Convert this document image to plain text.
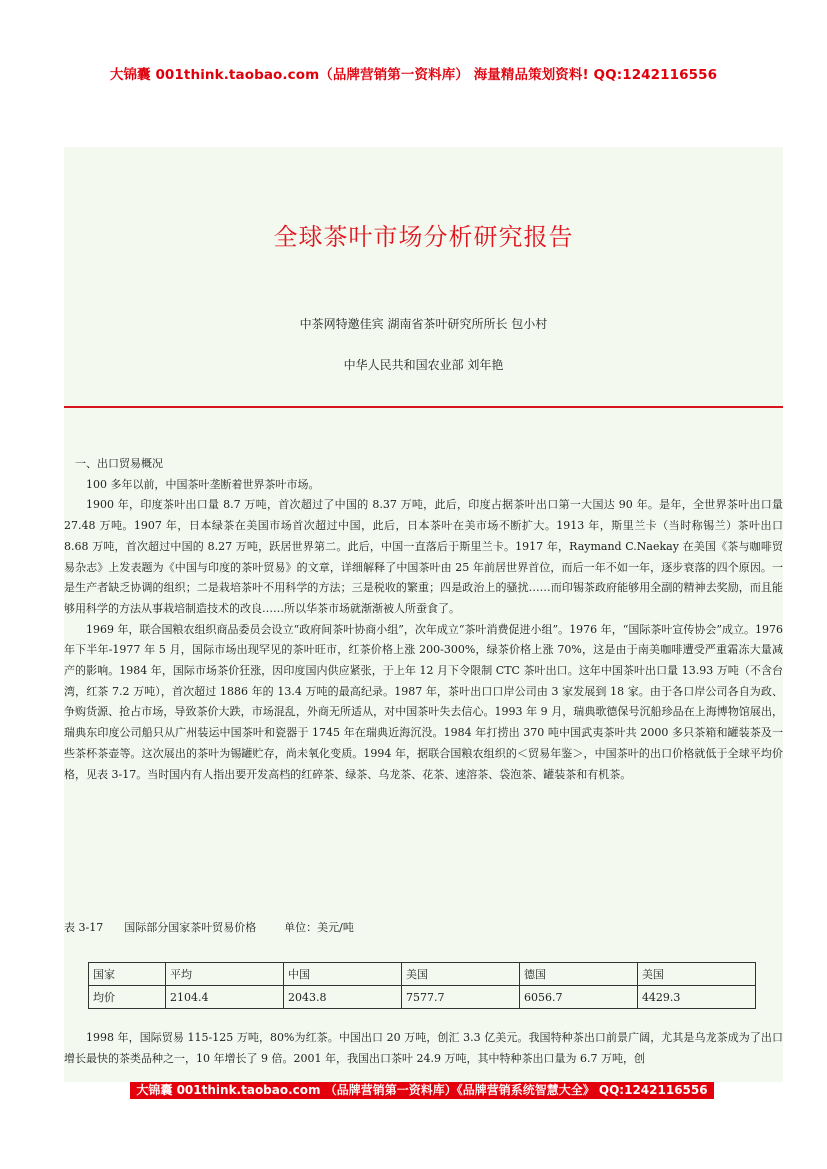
大锦囊 001think.taobao.com（品牌营销第一资料库） 海量精品策划资料! QQ:1242116556
全球茶叶市场分析研究报告
中茶网特邀佳宾 湖南省茶叶研究所所长 包小村
中华人民共和国农业部 刘年艳

一、出口贸易概况

100 多年以前，中国茶叶垄断着世界茶叶市场。

1900 年，印度茶叶出口量 8.7 万吨，首次超过了中国的 8.37 万吨，此后，印度占据茶叶出口第一大国达 90 年。是年，全世界茶叶出口量 27.48 万吨。1907 年，日本绿茶在美国市场首次超过中国，此后，日本茶叶在美市场不断扩大。1913 年，斯里兰卡（当时称锡兰）茶叶出口 8.68 万吨，首次超过中国的 8.27 万吨，跃居世界第二。此后，中国一直落后于斯里兰卡。1917 年，Raymand C.Naekay 在美国《茶与咖啡贸易杂志》上发表题为《中国与印度的茶叶贸易》的文章，详细解释了中国茶叶由 25 年前居世界首位，而后一年不如一年，逐步衰落的四个原因。一是生产者缺乏协调的组织；二是栽培茶叶不用科学的方法；三是税收的繁重；四是政治上的骚扰……而印锡茶政府能够用全副的精神去奖励，而且能够用科学的方法从事栽培制造技术的改良……所以华茶市场就渐渐被人所蚕食了。

1969 年，联合国粮农组织商品委员会设立“政府间茶叶协商小组”，次年成立“茶叶消费促进小组”。1976 年，“国际茶叶宣传协会”成立。1976 年下半年-1977 年 5 月，国际市场出现罕见的茶叶旺市，红茶价格上涨 200-300%，绿茶价格上涨 70%，这是由于南美咖啡遭受严重霜冻大量减产的影响。1984 年，国际市场茶价狂涨，因印度国内供应紧张，于上年 12 月下令限制 CTC 茶叶出口。这年中国茶叶出口量 13.93 万吨（不含台湾，红茶 7.2 万吨），首次超过 1886 年的 13.4 万吨的最高纪录。1987 年，茶叶出口口岸公司由 3 家发展到 18 家。由于各口岸公司各自为政、争购货源、抢占市场，导致茶价大跌，市场混乱，外商无所适从，对中国茶叶失去信心。1993 年 9 月，瑞典歌德保号沉船珍品在上海博物馆展出，瑞典东印度公司船只从广州装运中国茶叶和瓷器于 1745 年在瑞典近海沉没。1984 年打捞出 370 吨中国武夷茶叶共 2000 多只茶箱和罐装茶及一些茶杯茶壶等。这次展出的茶叶为锡罐贮存，尚未氧化变质。1994 年，据联合国粮农组织的＜贸易年鉴＞，中国茶叶的出口价格就低于全球平均价格，见表 3-17。当时国内有人指出要开发高档的红碎茶、绿茶、乌龙茶、花茶、速溶茶、袋泡茶、罐装茶和有机茶。

表 3-17      国际部分国家茶叶贸易价格        单位：美元/吨
国家	平均	中国	美国	德国	美国
均价	2104.4	2043.8	7577.7	6056.7	4429.3

1998 年，国际贸易 115-125 万吨，80%为红茶。中国出口 20 万吨，创汇 3.3 亿美元。我国特种茶出口前景广阔，尤其是乌龙茶成为了出口增长最快的茶类品种之一，10 年增长了 9 倍。2001 年，我国出口茶叶 24.9 万吨，其中特种茶出口量为 6.7 万吨，创

大锦囊 001think.taobao.com （品牌营销第一资料库）《品牌营销系统智慧大全》 QQ:1242116556
